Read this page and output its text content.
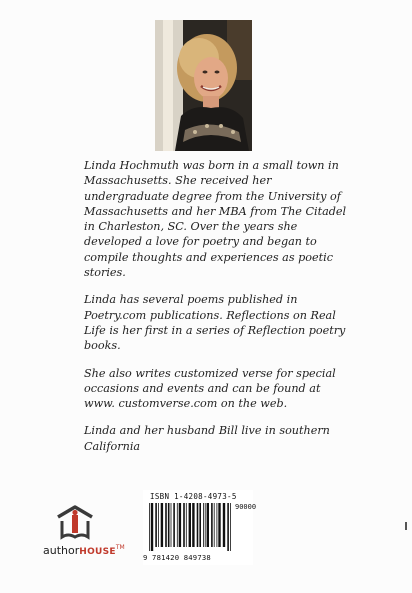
Linda Hochmuth was born in a small town in Massachusetts. She received her undergraduate degree from the University of Massachusetts and her MBA from The Citadel in Charleston, SC. Over the years she developed a love for poetry and began to compile thoughts and experiences as poetic stories.

Linda has several poems published in Poetry.com publications. Reflections on Real Life is her first in a series of Reflection poetry books.

She also writes customized verse for special occasions and events and can be found at www. customverse.com on the web.

Linda and her husband Bill live in southern California

authorHOUSE™
ISBN 1-4208-4973-5
90000
9 781420 849738
